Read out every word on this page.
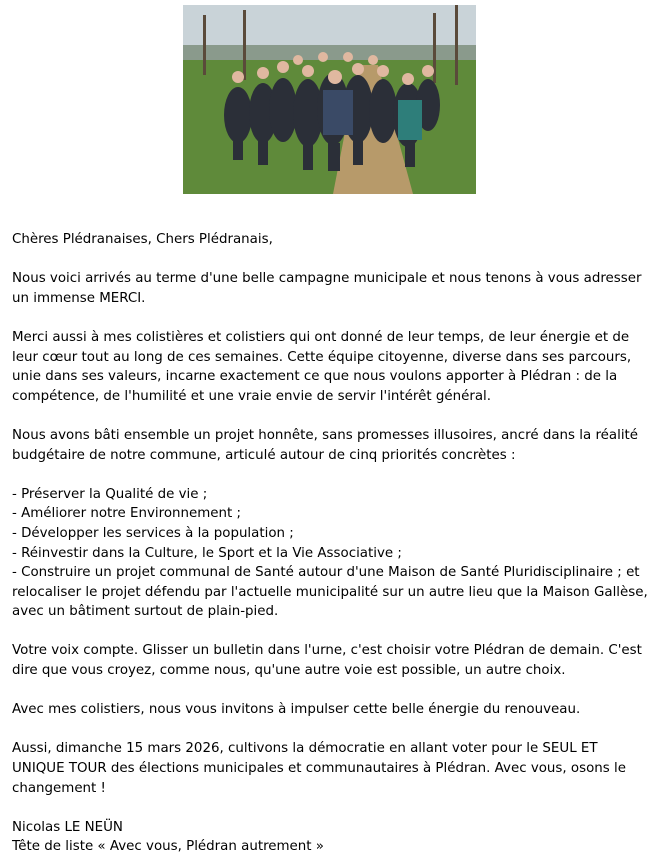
Chères Plédranaises, Chers Plédranais,

Nous voici arrivés au terme d'une belle campagne municipale et nous tenons à vous adresser un immense MERCI.

Merci aussi à mes colistières et colistiers qui ont donné de leur temps, de leur énergie et de leur cœur tout au long de ces semaines. Cette équipe citoyenne, diverse dans ses parcours, unie dans ses valeurs, incarne exactement ce que nous voulons apporter à Plédran : de la compétence, de l'humilité et une vraie envie de servir l'intérêt général.

Nous avons bâti ensemble un projet honnête, sans promesses illusoires, ancré dans la réalité budgétaire de notre commune, articulé autour de cinq priorités concrètes :

- Préserver la Qualité de vie ;
- Améliorer notre Environnement ;
- Développer les services à la population ;
- Réinvestir dans la Culture, le Sport et la Vie Associative ;
- Construire un projet communal de Santé autour d'une Maison de Santé Pluridisciplinaire ; et relocaliser le projet défendu par l'actuelle municipalité sur un autre lieu que la Maison Gallèse, avec un bâtiment surtout de plain-pied.

Votre voix compte. Glisser un bulletin dans l'urne, c'est choisir votre Plédran de demain. C'est dire que vous croyez, comme nous, qu'une autre voie est possible, un autre choix.

Avec mes colistiers, nous vous invitons à impulser cette belle énergie du renouveau.

Aussi, dimanche 15 mars 2026, cultivons la démocratie en allant voter pour le SEUL ET UNIQUE TOUR des élections municipales et communautaires à Plédran. Avec vous, osons le changement !

Nicolas LE NEÜN
Tête de liste « Avec vous, Plédran autrement »
